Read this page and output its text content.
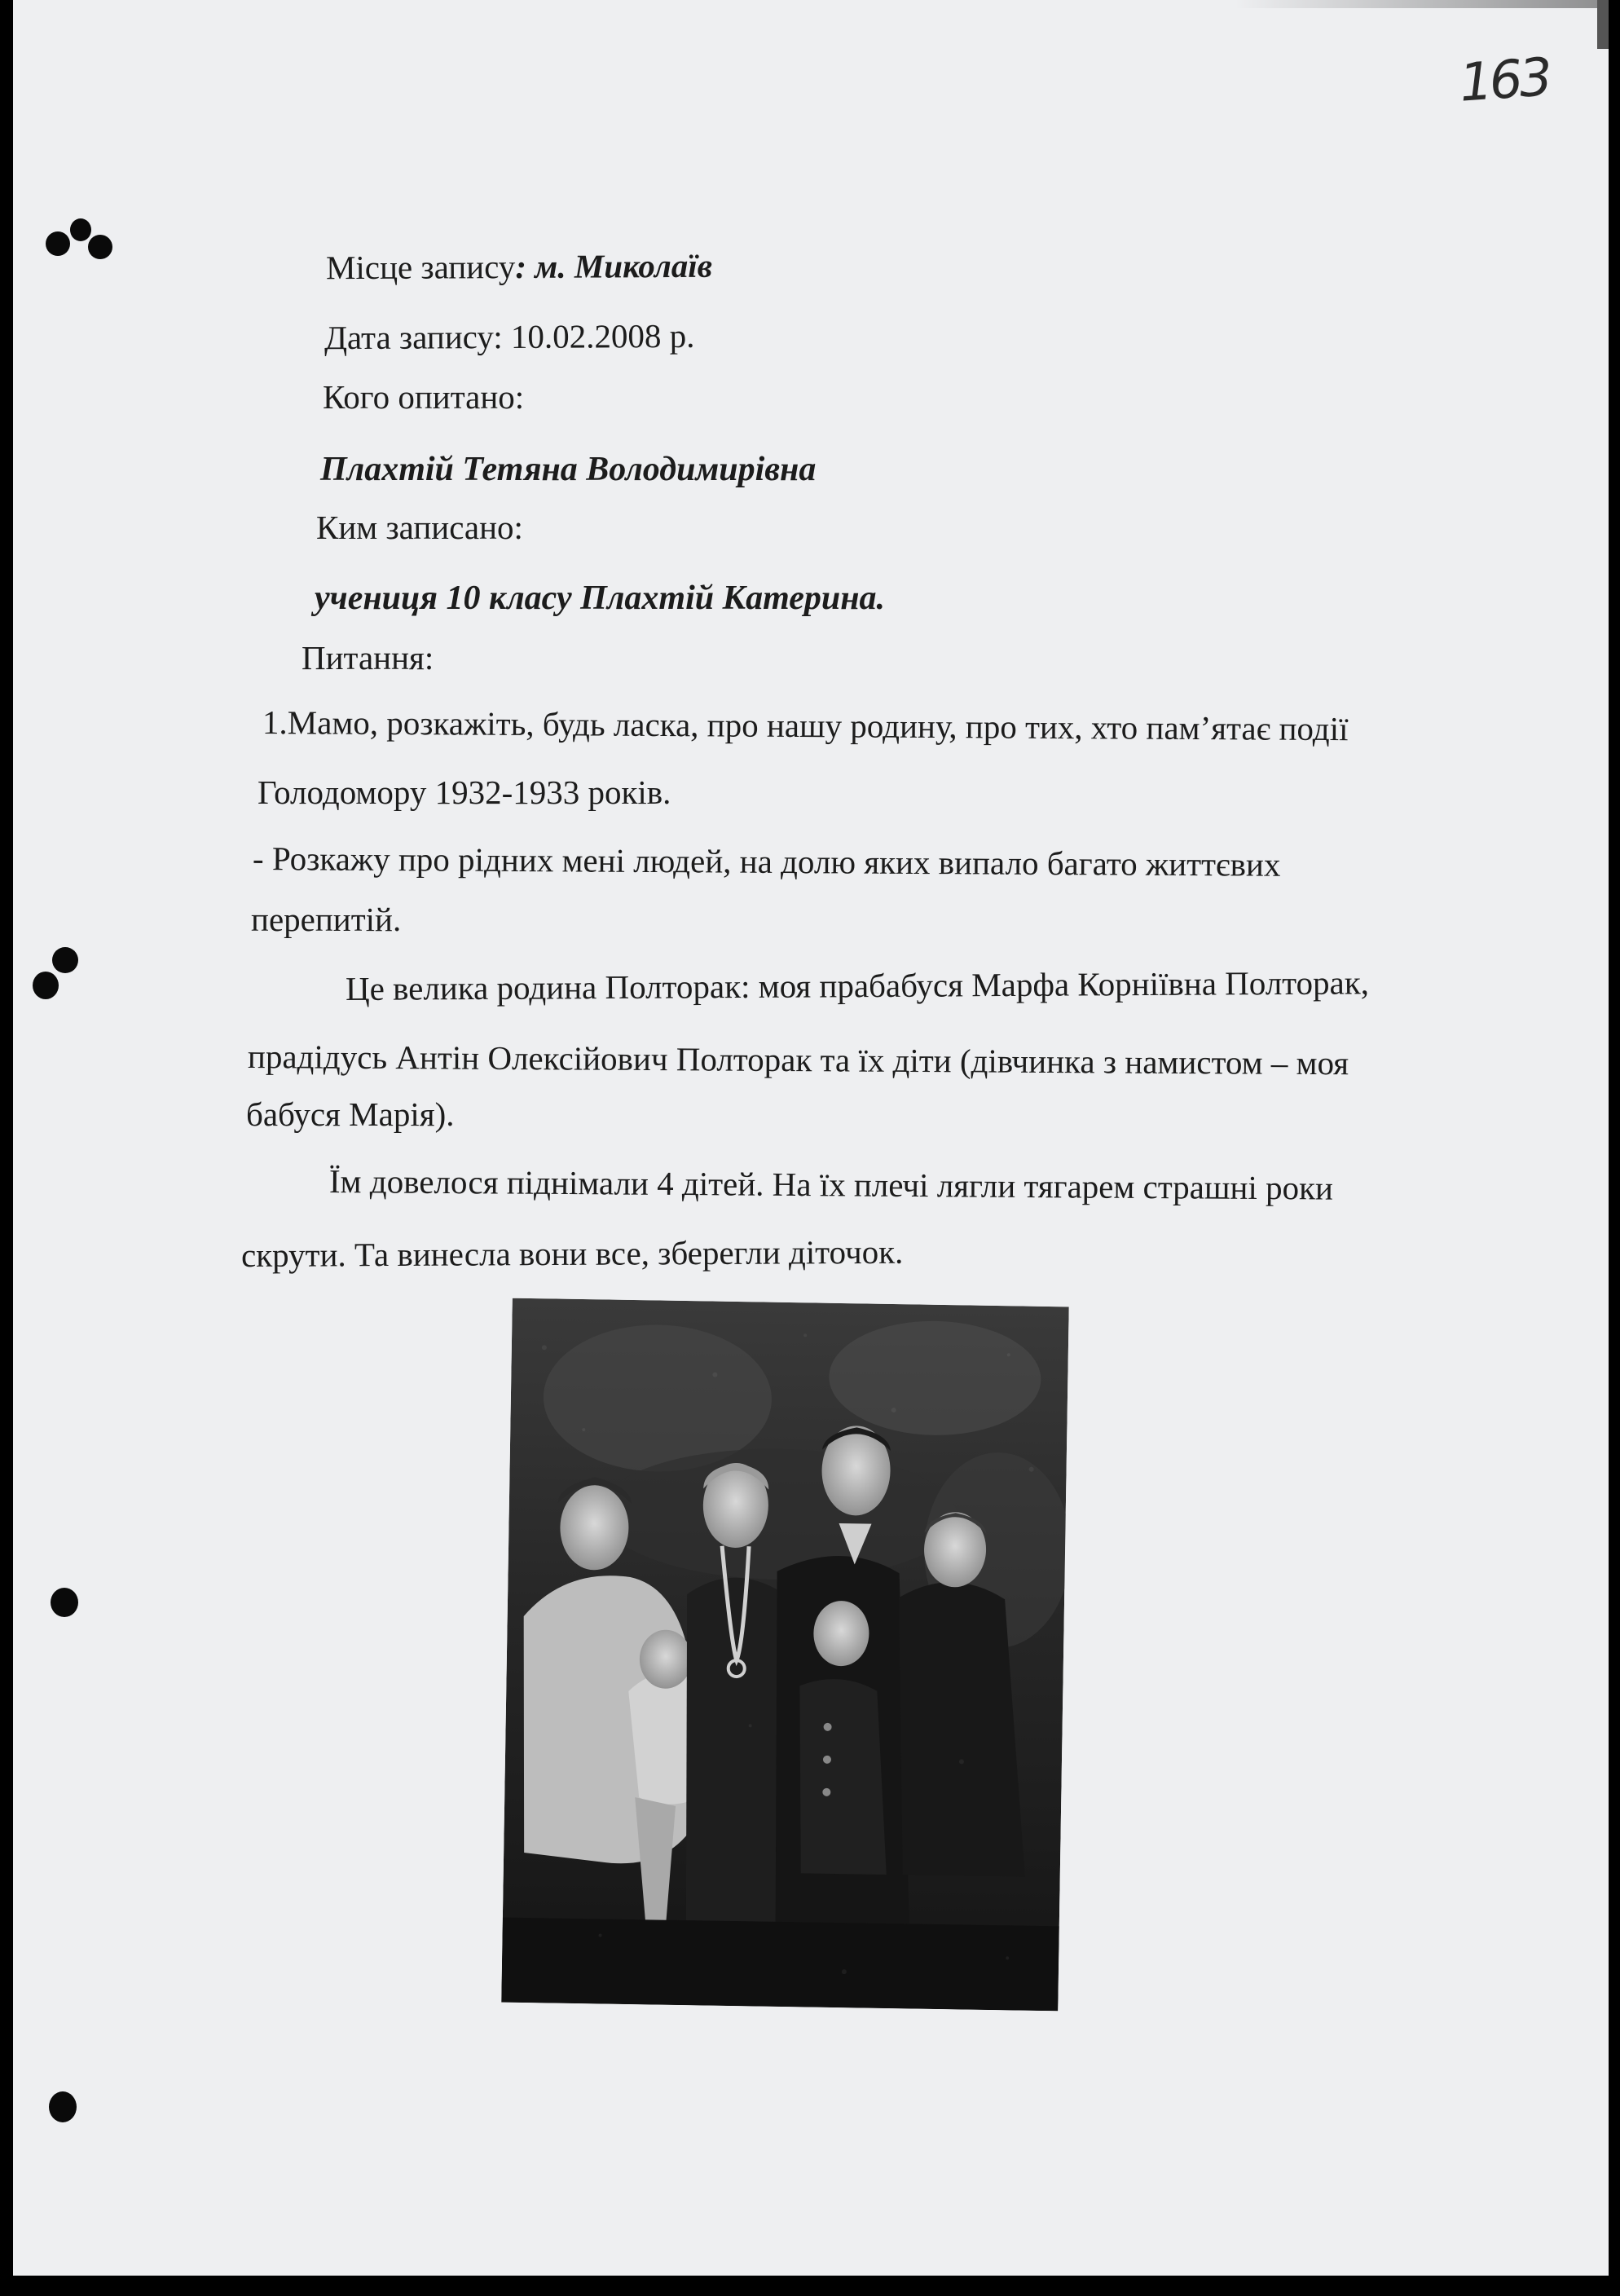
163
Місце запису: м. Миколаїв
Дата запису: 10.02.2008 р.
Кого опитано:
Плахтій Тетяна Володимирівна
Ким записано:
учениця 10 класу Плахтій Катерина.
Питання:
1.Мамо, розкажіть, будь ласка, про нашу родину, про тих, хто пам’ятає події
Голодомору 1932-1933 років.
- Розкажу про рідних мені людей, на долю яких випало багато життєвих
перепитій.
Це велика родина Полторак: моя прабабуся Марфа Корніївна Полторак,
прадідусь Антін Олексійович Полторак та їх діти (дівчинка з намистом – моя
бабуся Марія).
Їм довелося піднімали 4 дітей. На їх плечі лягли тягарем страшні роки
скрути. Та винесла вони все, зберегли діточок.
